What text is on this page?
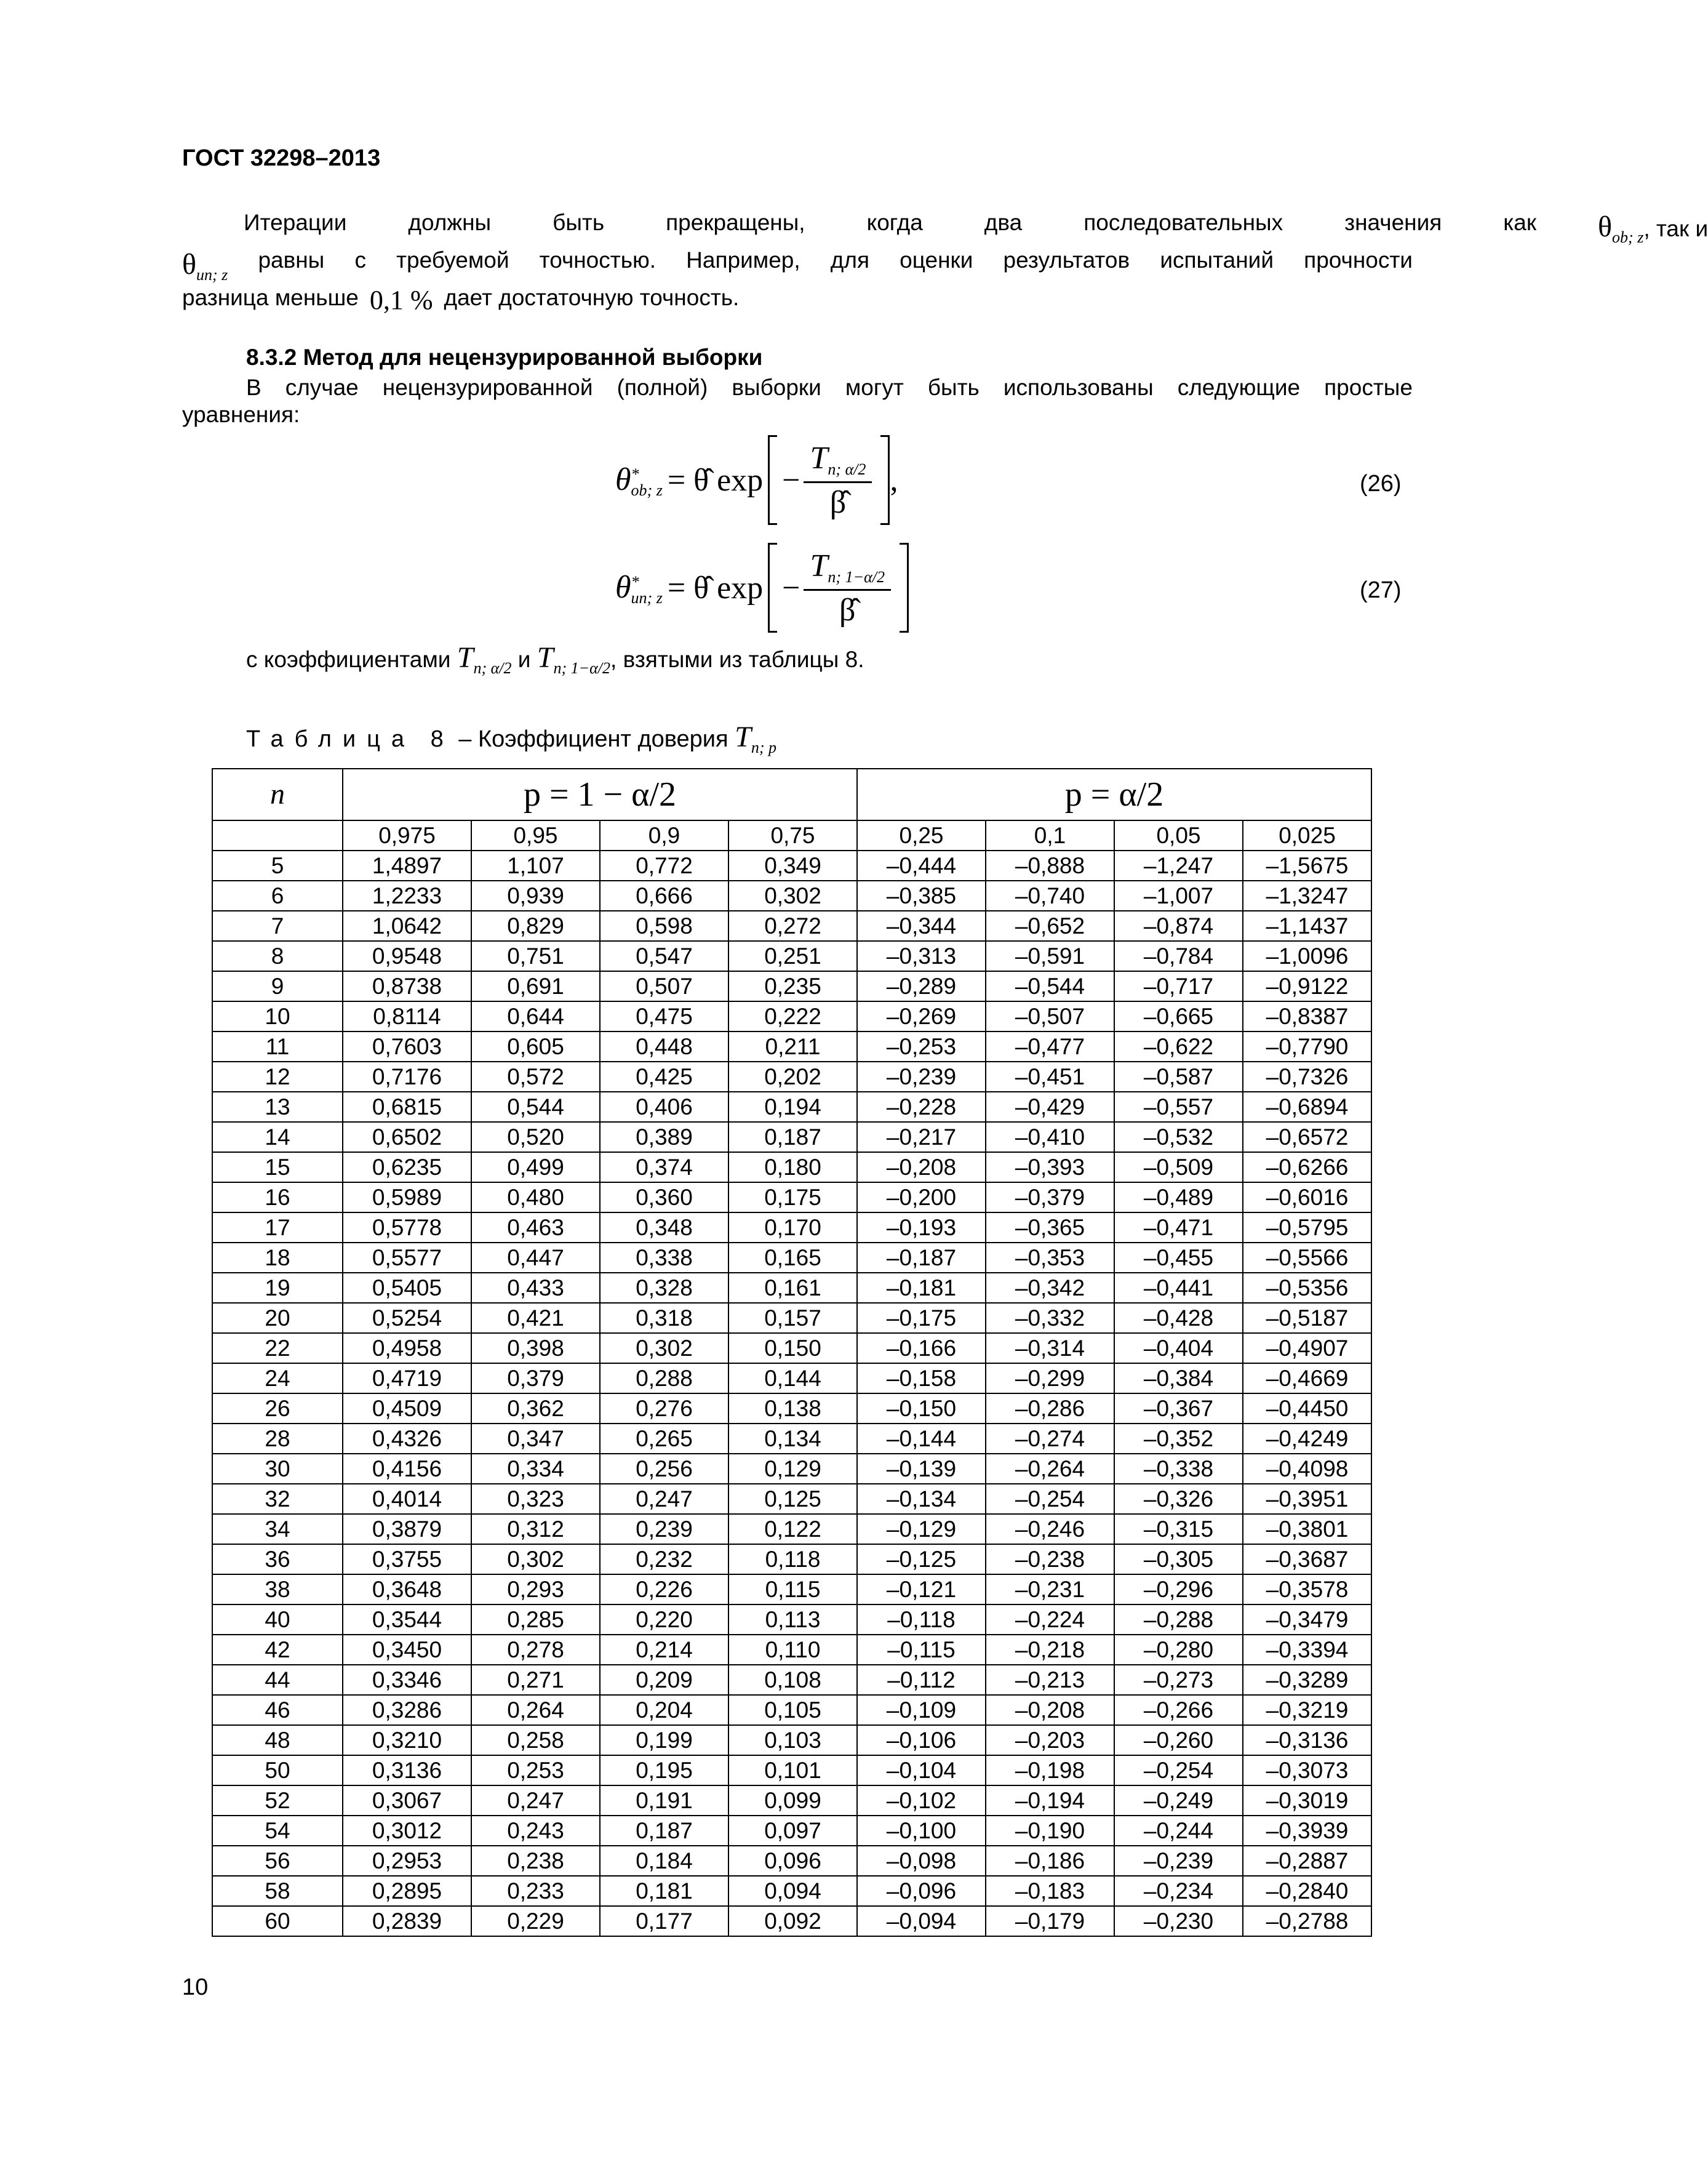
ГОСТ 32298–2013
Итерации	должны	быть	прекращены,	когда	два	последовательных	значения	как	$\theta_{ob; z}$, так и
$\theta_{un; z}$
равны с требуемой точностью. Например, для оценки результатов испытаний прочности
разница меньше 0,1 % дает достаточную точность.
8.3.2 Метод для нецензурированной выборки
В случае нецензурированной (полной) выборки могут быть использованы следующие простые
уравнения:
θ *
ob; z = θ̂ $\exp - \frac{T_{n; \alpha/2}}{\betâ}$ ,	(26)
θ *
un; z = θ̂ $\exp - \frac{T_{n; 1-\alpha/2}}{\betâ}$	(27)
с коэффициентами $T_{n; \alpha/2}$ и $T_{n; 1-\alpha/2}$, взятыми из таблицы 8.
Таблица 8 – Коэффициент доверия $T_{n; p}$
n	p = 1 − α/2				p = α/2			
	0,975	0,95	0,9	0,75	0,25	0,1	0,05	0,025
5	1,4897	1,107	0,772	0,349	–0,444	–0,888	–1,247	–1,5675
6	1,2233	0,939	0,666	0,302	–0,385	–0,740	–1,007	–1,3247
7	1,0642	0,829	0,598	0,272	–0,344	–0,652	–0,874	–1,1437
8	0,9548	0,751	0,547	0,251	–0,313	–0,591	–0,784	–1,0096
9	0,8738	0,691	0,507	0,235	–0,289	–0,544	–0,717	–0,9122
10	0,8114	0,644	0,475	0,222	–0,269	–0,507	–0,665	–0,8387
11	0,7603	0,605	0,448	0,211	–0,253	–0,477	–0,622	–0,7790
12	0,7176	0,572	0,425	0,202	–0,239	–0,451	–0,587	–0,7326
13	0,6815	0,544	0,406	0,194	–0,228	–0,429	–0,557	–0,6894
14	0,6502	0,520	0,389	0,187	–0,217	–0,410	–0,532	–0,6572
15	0,6235	0,499	0,374	0,180	–0,208	–0,393	–0,509	–0,6266
16	0,5989	0,480	0,360	0,175	–0,200	–0,379	–0,489	–0,6016
17	0,5778	0,463	0,348	0,170	–0,193	–0,365	–0,471	–0,5795
18	0,5577	0,447	0,338	0,165	–0,187	–0,353	–0,455	–0,5566
19	0,5405	0,433	0,328	0,161	–0,181	–0,342	–0,441	–0,5356
20	0,5254	0,421	0,318	0,157	–0,175	–0,332	–0,428	–0,5187
22	0,4958	0,398	0,302	0,150	–0,166	–0,314	–0,404	–0,4907
24	0,4719	0,379	0,288	0,144	–0,158	–0,299	–0,384	–0,4669
26	0,4509	0,362	0,276	0,138	–0,150	–0,286	–0,367	–0,4450
28	0,4326	0,347	0,265	0,134	–0,144	–0,274	–0,352	–0,4249
30	0,4156	0,334	0,256	0,129	–0,139	–0,264	–0,338	–0,4098
32	0,4014	0,323	0,247	0,125	–0,134	–0,254	–0,326	–0,3951
34	0,3879	0,312	0,239	0,122	–0,129	–0,246	–0,315	–0,3801
36	0,3755	0,302	0,232	0,118	–0,125	–0,238	–0,305	–0,3687
38	0,3648	0,293	0,226	0,115	–0,121	–0,231	–0,296	–0,3578
40	0,3544	0,285	0,220	0,113	–0,118	–0,224	–0,288	–0,3479
42	0,3450	0,278	0,214	0,110	–0,115	–0,218	–0,280	–0,3394
44	0,3346	0,271	0,209	0,108	–0,112	–0,213	–0,273	–0,3289
46	0,3286	0,264	0,204	0,105	–0,109	–0,208	–0,266	–0,3219
48	0,3210	0,258	0,199	0,103	–0,106	–0,203	–0,260	–0,3136
50	0,3136	0,253	0,195	0,101	–0,104	–0,198	–0,254	–0,3073
52	0,3067	0,247	0,191	0,099	–0,102	–0,194	–0,249	–0,3019
54	0,3012	0,243	0,187	0,097	–0,100	–0,190	–0,244	–0,3939
56	0,2953	0,238	0,184	0,096	–0,098	–0,186	–0,239	–0,2887
58	0,2895	0,233	0,181	0,094	–0,096	–0,183	–0,234	–0,2840
60	0,2839	0,229	0,177	0,092	–0,094	–0,179	–0,230	–0,2788
10
